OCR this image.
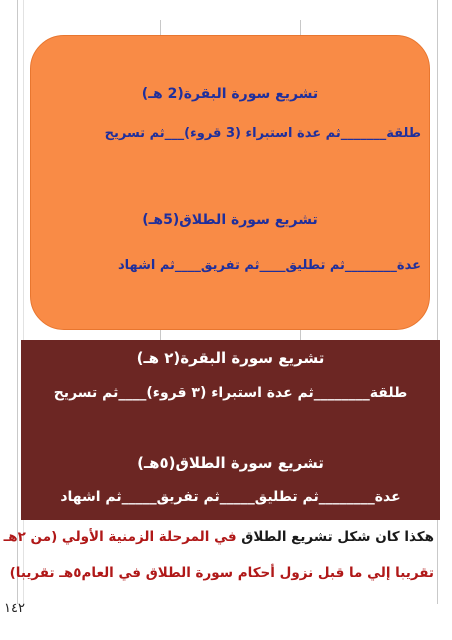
تشريع سورة البقرة(2 هـ)
طلقة_______ثم عدة استبراء (3 قروء)___ثم تسريح
تشريع سورة الطلاق(5هـ)
عدة________ثم تطليق____ثم تفريق____ثم اشهاد
تشريع سورة البقرة(٢ هـ)
طلقة________ثم عدة استبراء (٣ قروء)____ثم تسريح
تشريع سورة الطلاق(٥هـ)
عدة________ثم تطليق_____ثم تفريق_____ثم اشهاد
هكذا كان شكل تشريع الطلاق في المرحلة الزمنية الأولي (من ٢هـ
تقريبا إلي ما قبل نزول أحكام سورة الطلاق في العام٥هـ تقريبا)
١٤٢
